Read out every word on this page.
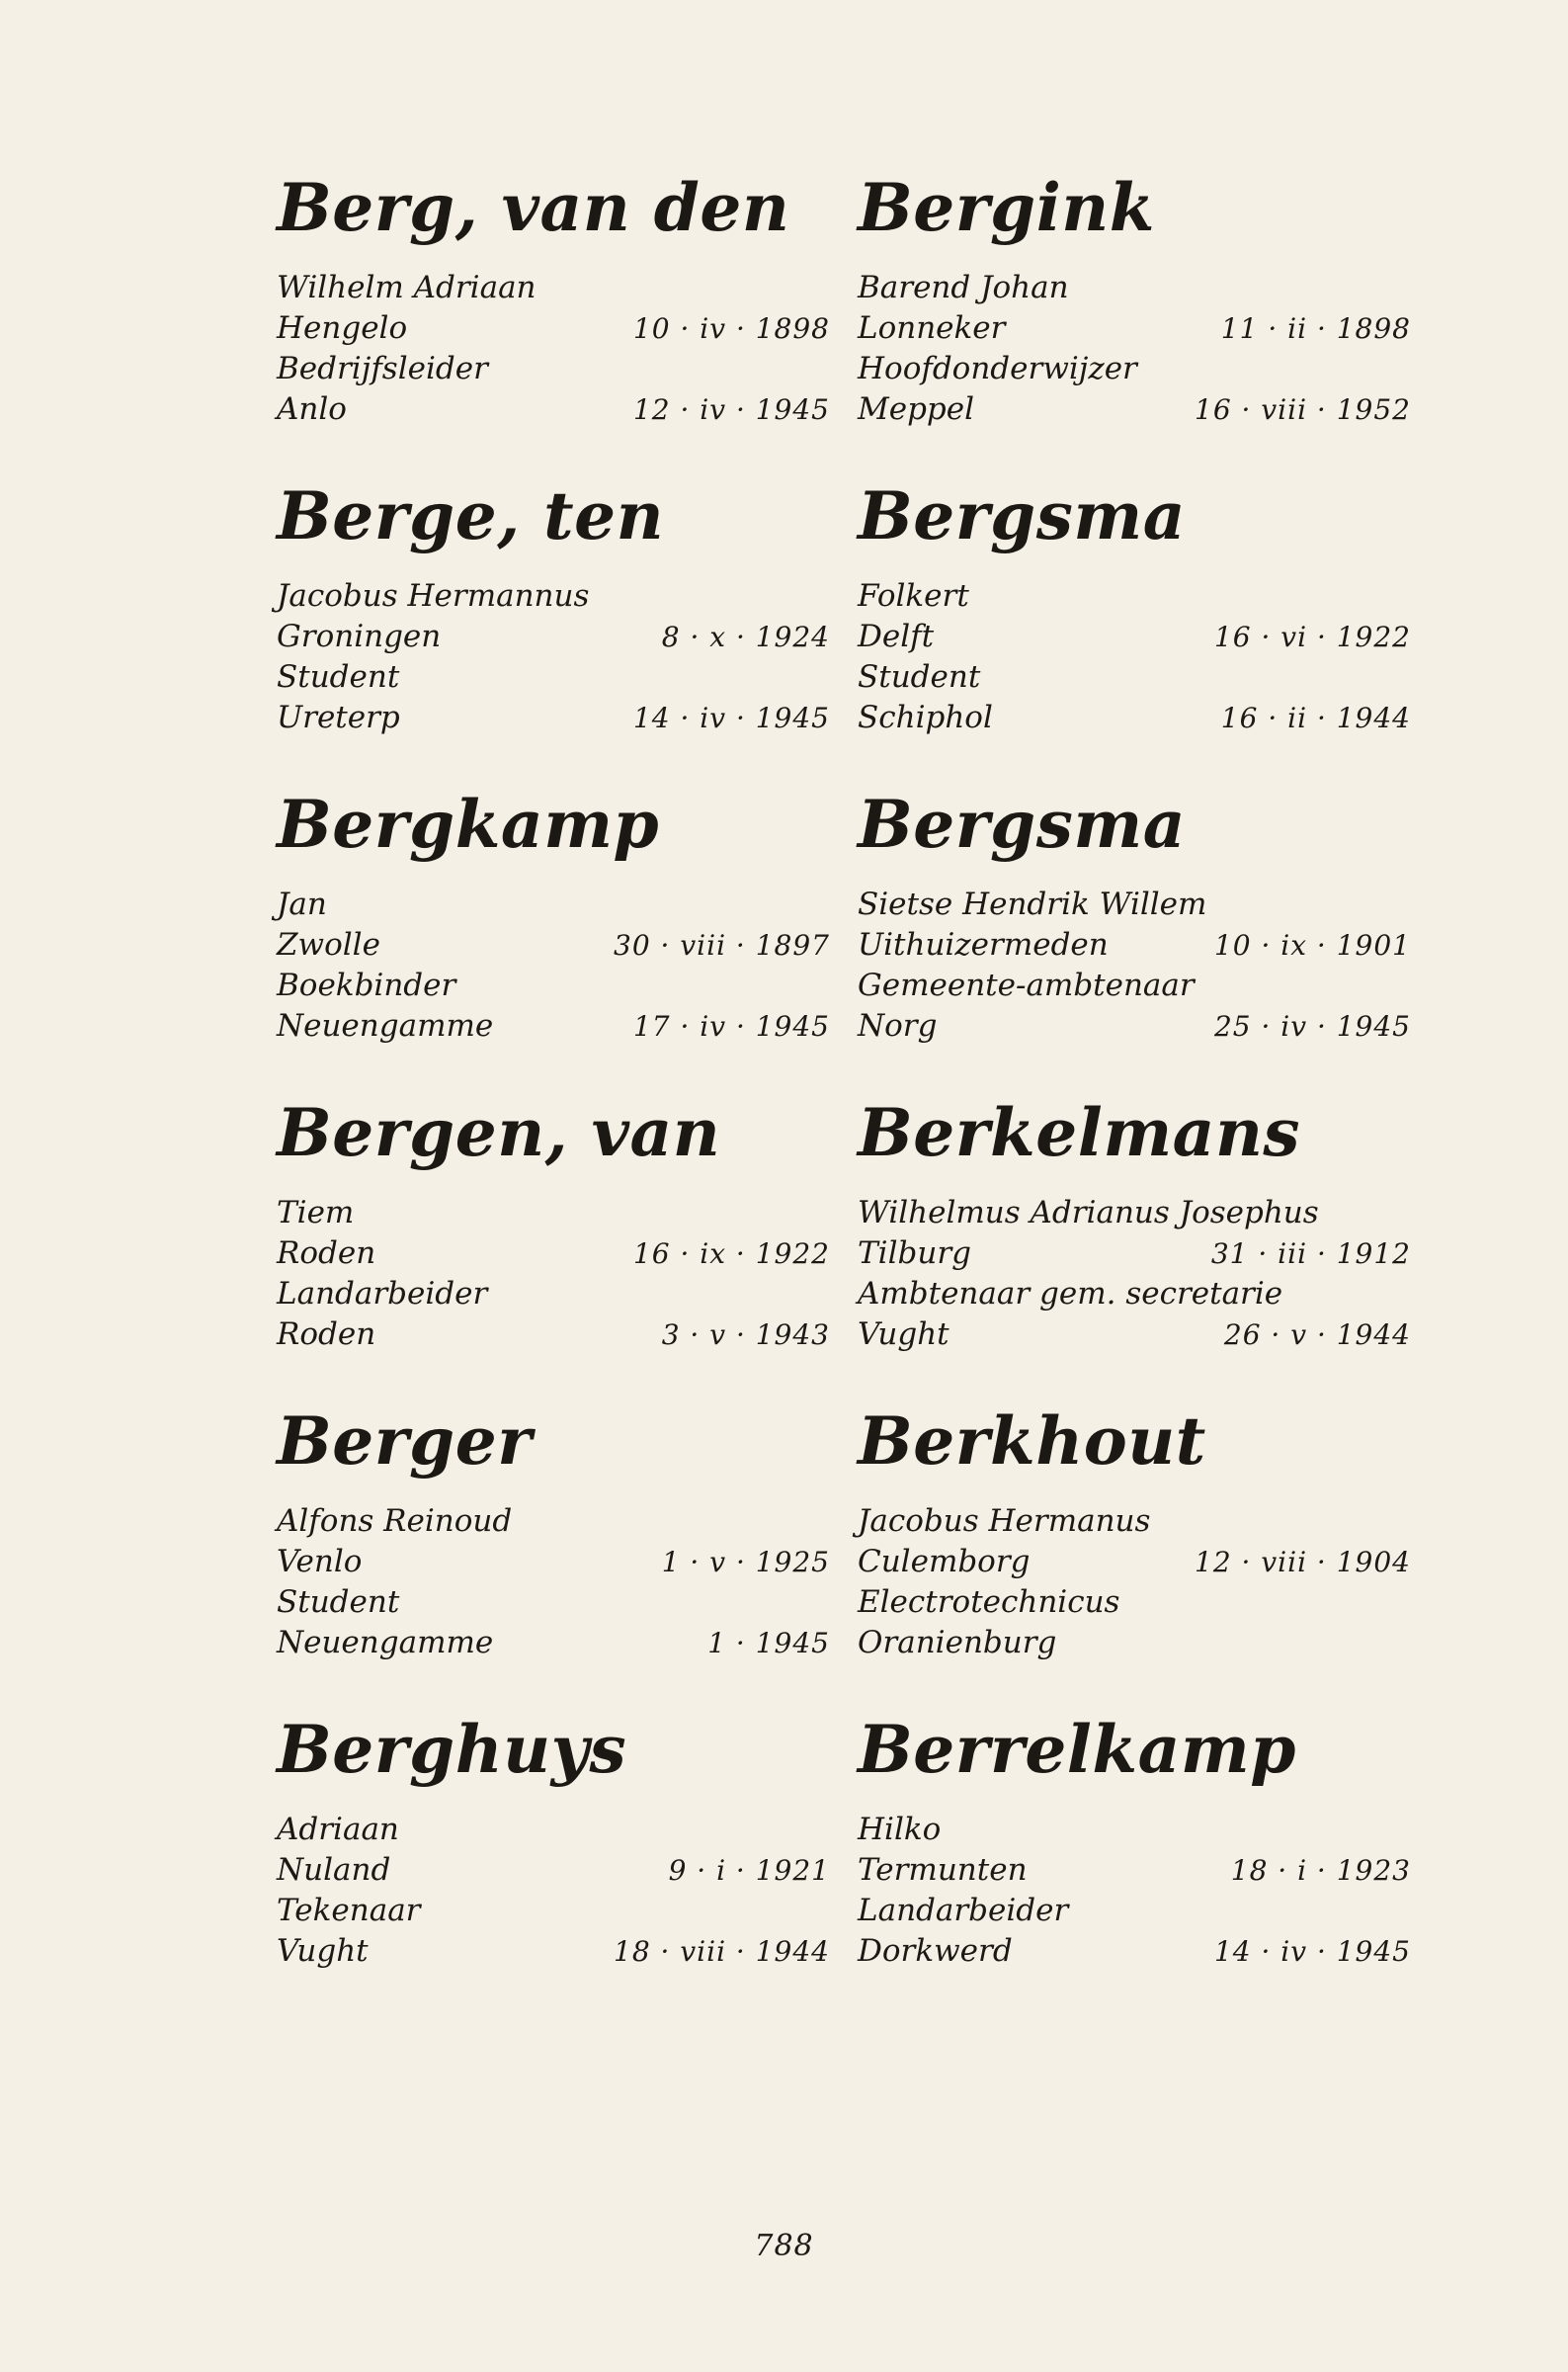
Berg, van den
Wilhelm Adriaan
Hengelo	10 · iv · 1898
Bedrijfsleider
Anlo	12 · iv · 1945
Berge, ten
Jacobus Hermannus
Groningen	8 · x · 1924
Student
Ureterp	14 · iv · 1945
Bergkamp
Jan
Zwolle	30 · viii · 1897
Boekbinder
Neuengamme	17 · iv · 1945
Bergen, van
Tiem
Roden	16 · ix · 1922
Landarbeider
Roden	3 · v · 1943
Berger
Alfons Reinoud
Venlo	1 · v · 1925
Student
Neuengamme	1 · 1945
Berghuys
Adriaan
Nuland	9 · i · 1921
Tekenaar
Vught	18 · viii · 1944
Bergink
Barend Johan
Lonneker	11 · ii · 1898
Hoofdonderwijzer
Meppel	16 · viii · 1952
Bergsma
Folkert
Delft	16 · vi · 1922
Student
Schiphol	16 · ii · 1944
Bergsma
Sietse Hendrik Willem
Uithuizermeden	10 · ix · 1901
Gemeente-ambtenaar
Norg	25 · iv · 1945
Berkelmans
Wilhelmus Adrianus Josephus
Tilburg	31 · iii · 1912
Ambtenaar gem. secretarie
Vught	26 · v · 1944
Berkhout
Jacobus Hermanus
Culemborg	12 · viii · 1904
Electrotechnicus
Oranienburg
Berrelkamp
Hilko
Termunten	18 · i · 1923
Landarbeider
Dorkwerd	14 · iv · 1945
788
